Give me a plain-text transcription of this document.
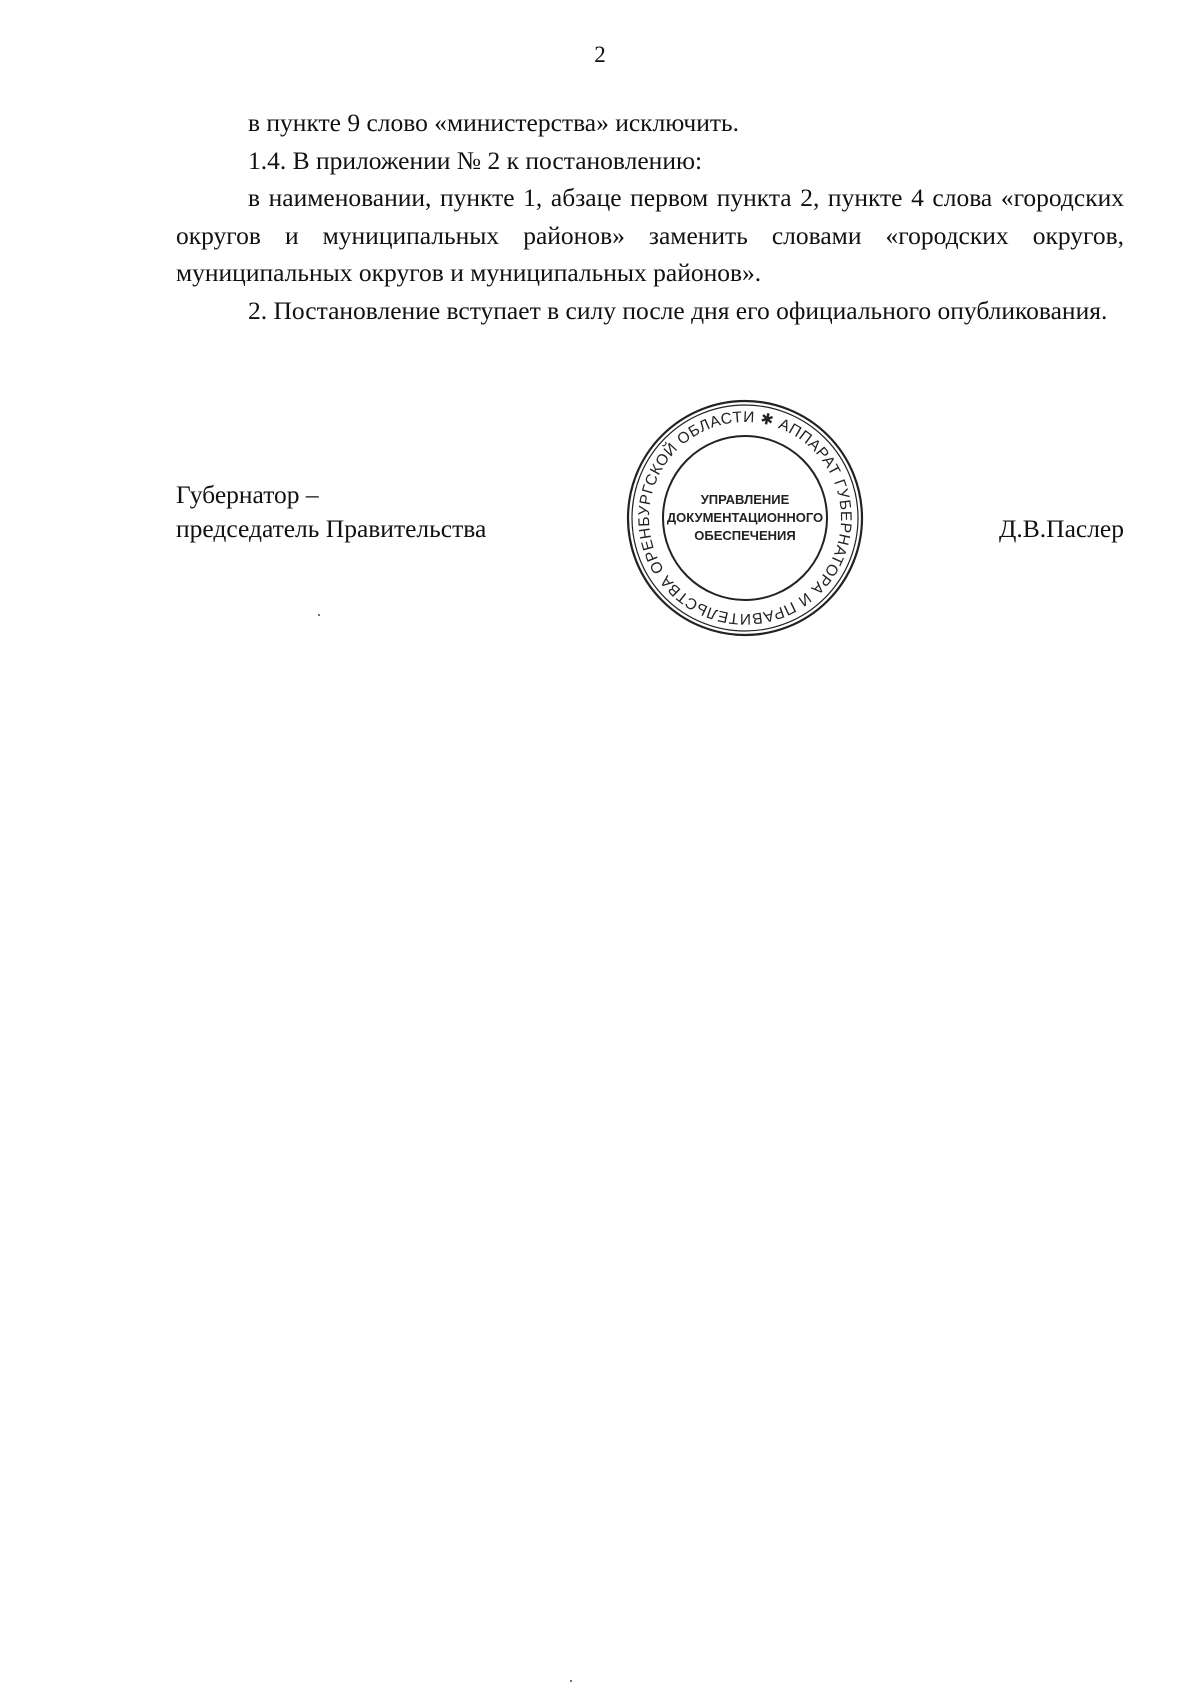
2

в пункте 9 слово «министерства» исключить.

1.4. В приложении № 2 к постановлению:

в наименовании, пункте 1, абзаце первом пункта 2, пункте 4 слова «городских округов и муниципальных районов» заменить словами «городских округов, муниципальных округов и муниципальных районов».

2. Постановление вступает в силу после дня его официального опубликования.

Губернатор –
председатель Правительства	Д.В.Паслер
АППАРАТ ГУБЕРНАТОРА И ПРАВИТЕЛЬСТВА ОРЕНБУРГСКОЙ ОБЛАСТИ ✱
УПРАВЛЕНИЕ
ДОКУМЕНТАЦИОННОГО
ОБЕСПЕЧЕНИЯ
